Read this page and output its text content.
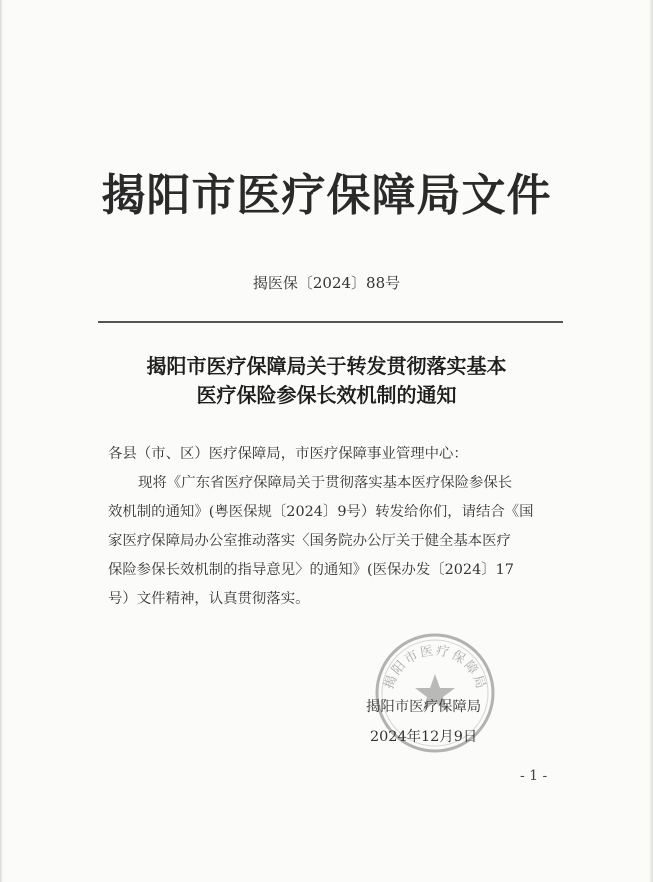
揭阳市医疗保障局文件
揭医保〔2024〕88号
揭阳市医疗保障局关于转发贯彻落实基本
医疗保险参保长效机制的通知
各县（市、区）医疗保障局，市医疗保障事业管理中心：
现将《广东省医疗保障局关于贯彻落实基本医疗保险参保长
效机制的通知》(粤医保规〔2024〕9号）转发给你们，请结合《国
家医疗保障局办公室推动落实〈国务院办公厅关于健全基本医疗
保险参保长效机制的指导意见〉的通知》(医保办发〔2024〕17
号）文件精神，认真贯彻落实。
揭阳市医疗保障局
揭阳市医疗保障局
2024年12月9日
- 1 -
